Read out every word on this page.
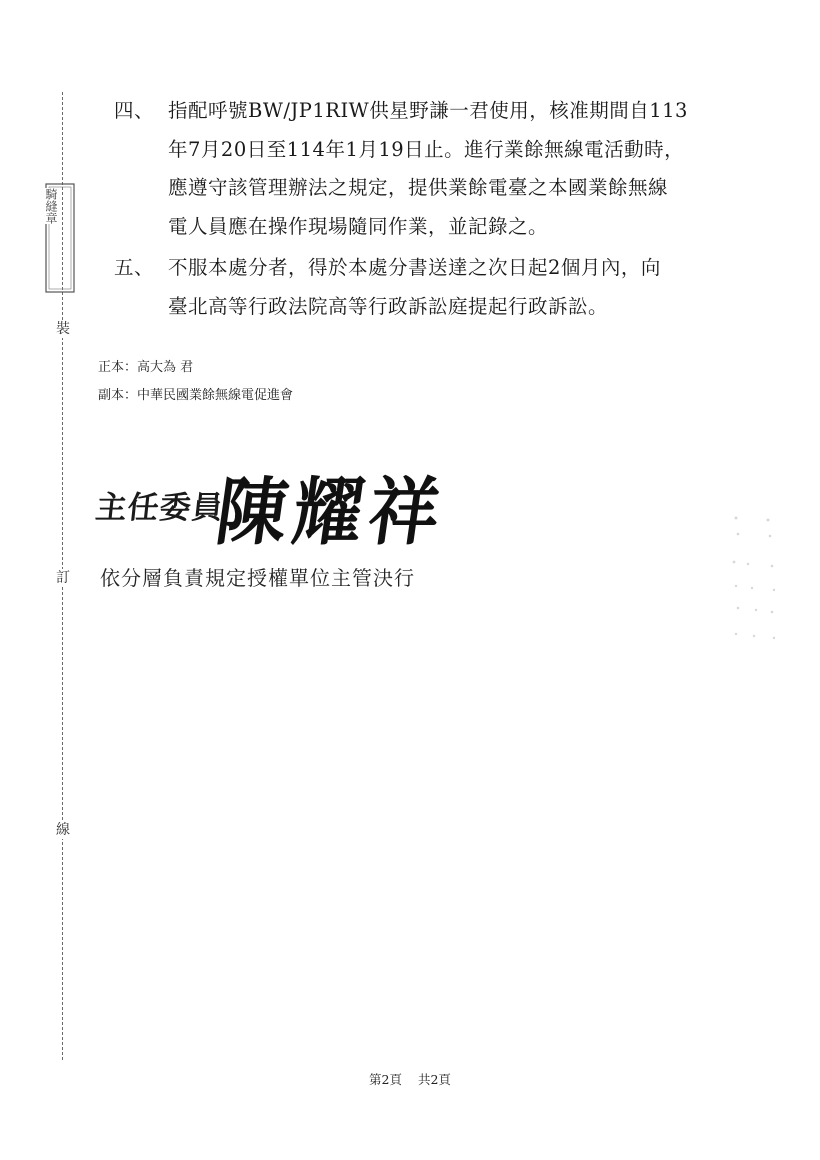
騎縫章
裝
訂
線
四、 指配呼號BW/JP1RIW供星野謙一君使用，核准期間自113
年7月20日至114年1月19日止。進行業餘無線電活動時，
應遵守該管理辦法之規定，提供業餘電臺之本國業餘無線
電人員應在操作現場隨同作業，並記錄之。
五、 不服本處分者，得於本處分書送達之次日起2個月內，向
臺北高等行政法院高等行政訴訟庭提起行政訴訟。
正本：高大為 君
副本：中華民國業餘無線電促進會
主任委員
陳耀祥
依分層負責規定授權單位主管決行
第2頁 共2頁
